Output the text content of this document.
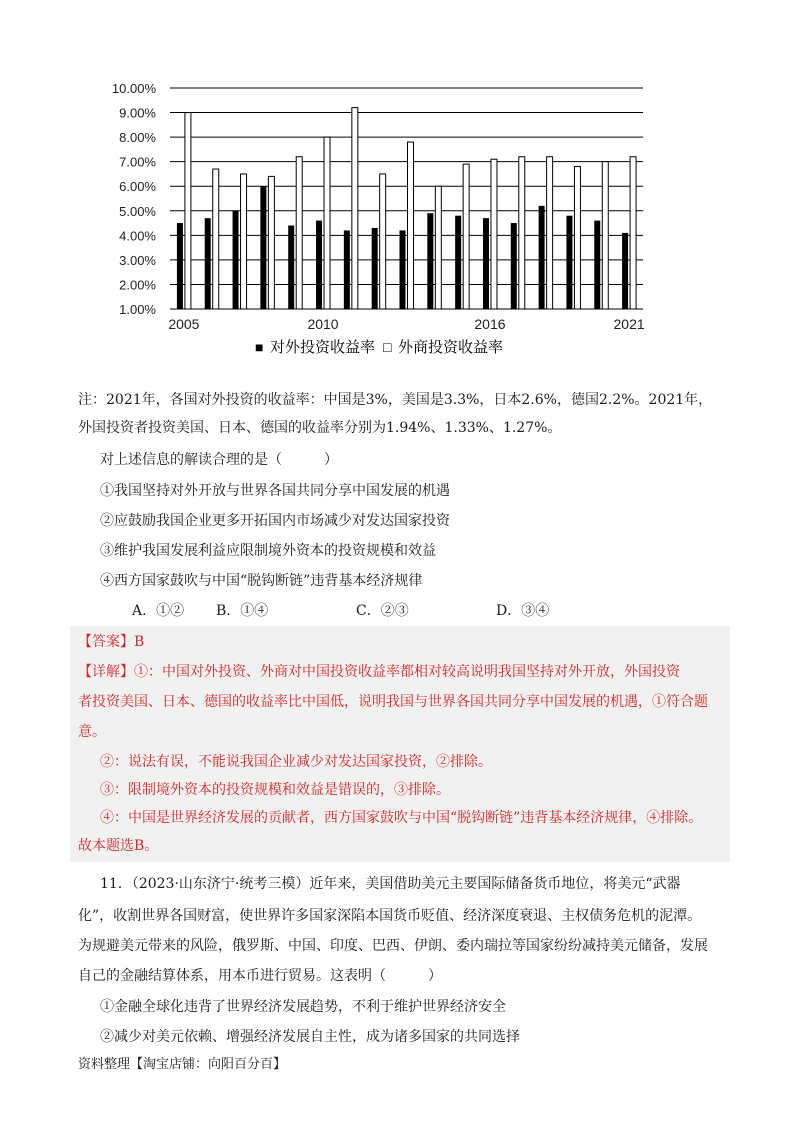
1.00%
2.00%
3.00%
4.00%
5.00%
6.00%
7.00%
8.00%
9.00%
10.00%
2005	2010	2016	2021
■ 对外投资收益率 □ 外商投资收益率
注：2021年，各国对外投资的收益率：中国是3%，美国是3.3%，日本2.6%，德国2.2%。2021年，
外国投资者投资美国、日本、德国的收益率分别为1.94%、1.33%、1.27%。
对上述信息的解读合理的是（　　　）
①我国坚持对外开放与世界各国共同分享中国发展的机遇
②应鼓励我国企业更多开拓国内市场减少对发达国家投资
③维护我国发展利益应限制境外资本的投资规模和效益
④西方国家鼓吹与中国“脱钩断链”违背基本经济规律
A．①② B．①④	C．②③	D．③④
【答案】B
【详解】①：中国对外投资、外商对中国投资收益率都相对较高说明我国坚持对外开放，外国投资
者投资美国、日本、德国的收益率比中国低，说明我国与世界各国共同分享中国发展的机遇，①符合题
意。
②：说法有误，不能说我国企业减少对发达国家投资，②排除。
③：限制境外资本的投资规模和效益是错误的，③排除。
④：中国是世界经济发展的贡献者，西方国家鼓吹与中国“脱钩断链”违背基本经济规律，④排除。
故本题选B。
11．（2023·山东济宁·统考三模）近年来，美国借助美元主要国际储备货币地位，将美元“武器
化”，收割世界各国财富，使世界许多国家深陷本国货币贬值、经济深度衰退、主权债务危机的泥潭。
为规避美元带来的风险，俄罗斯、中国、印度、巴西、伊朗、委内瑞拉等国家纷纷减持美元储备，发展
自己的金融结算体系，用本币进行贸易。这表明（　　　）
①金融全球化违背了世界经济发展趋势，不利于维护世界经济安全
②减少对美元依赖、增强经济发展自主性，成为诸多国家的共同选择
资料整理【淘宝店铺：向阳百分百】
